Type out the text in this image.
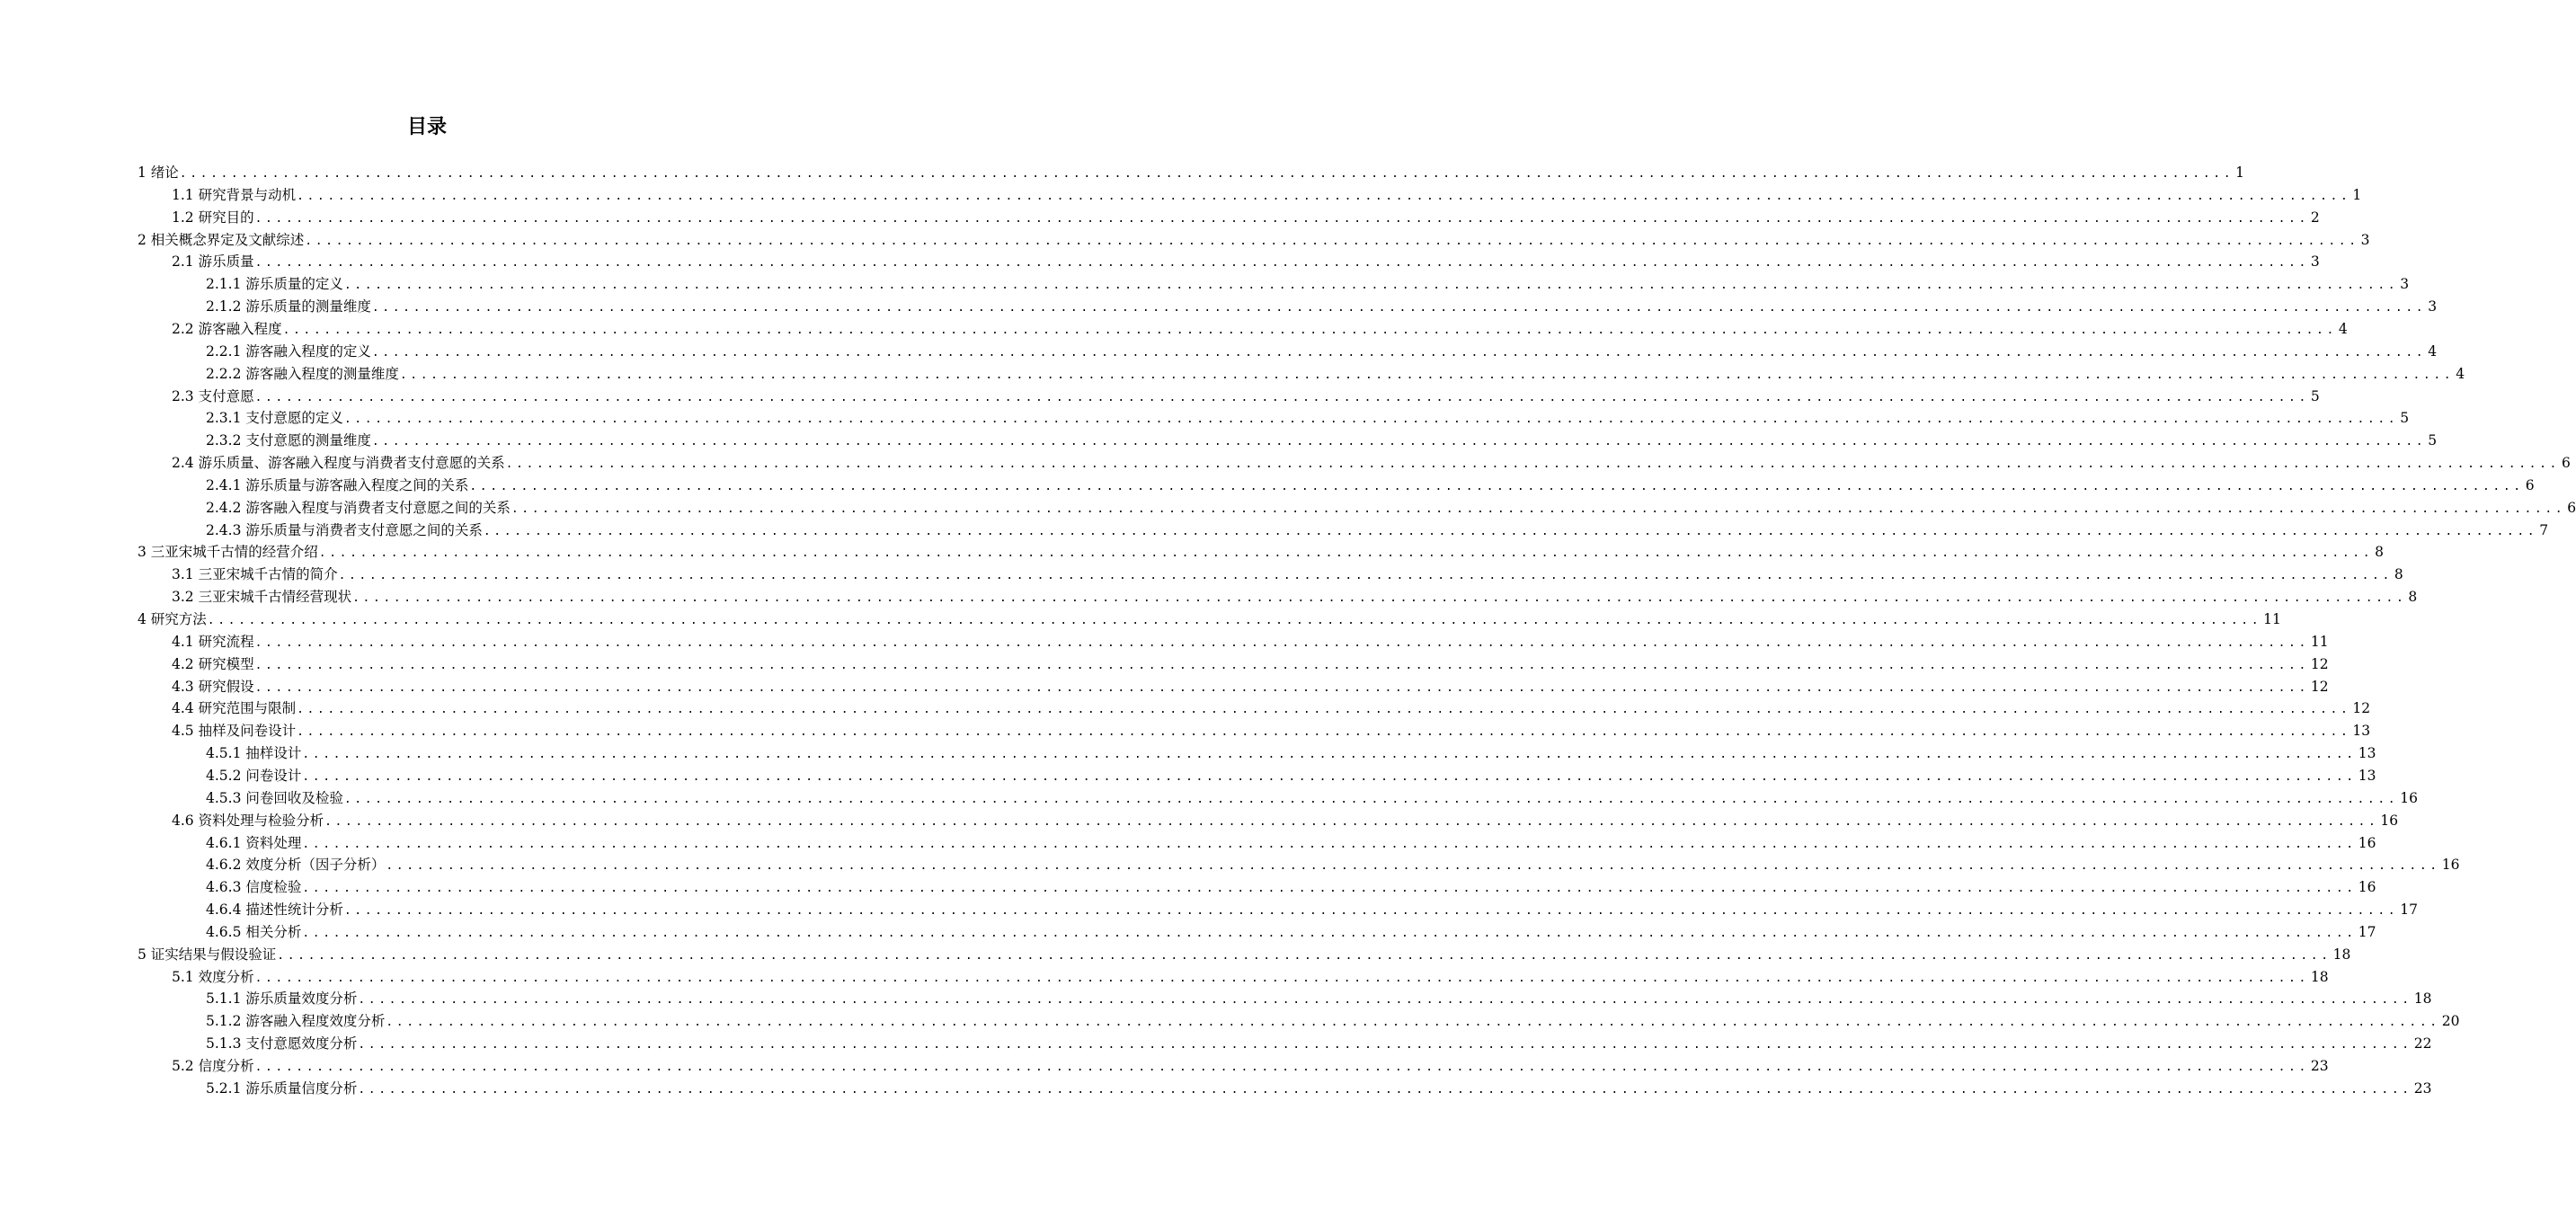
目录
1 绪论 ........................................................................................................................................................................................................ 1
1.1 研究背景与动机 ........................................................................................................................................................................................................ 1
1.2 研究目的 ........................................................................................................................................................................................................ 2
2 相关概念界定及文献综述 ........................................................................................................................................................................................................ 3
2.1 游乐质量 ........................................................................................................................................................................................................ 3
2.1.1 游乐质量的定义 ........................................................................................................................................................................................................ 3
2.1.2 游乐质量的测量维度 ........................................................................................................................................................................................................ 3
2.2 游客融入程度 ........................................................................................................................................................................................................ 4
2.2.1 游客融入程度的定义 ........................................................................................................................................................................................................ 4
2.2.2 游客融入程度的测量维度 ........................................................................................................................................................................................................ 4
2.3 支付意愿 ........................................................................................................................................................................................................ 5
2.3.1 支付意愿的定义 ........................................................................................................................................................................................................ 5
2.3.2 支付意愿的测量维度 ........................................................................................................................................................................................................ 5
2.4 游乐质量、游客融入程度与消费者支付意愿的关系 ........................................................................................................................................................................................................ 6
2.4.1 游乐质量与游客融入程度之间的关系 ........................................................................................................................................................................................................ 6
2.4.2 游客融入程度与消费者支付意愿之间的关系 ........................................................................................................................................................................................................ 6
2.4.3 游乐质量与消费者支付意愿之间的关系 ........................................................................................................................................................................................................ 7
3 三亚宋城千古情的经营介绍 ........................................................................................................................................................................................................ 8
3.1 三亚宋城千古情的简介 ........................................................................................................................................................................................................ 8
3.2 三亚宋城千古情经营现状 ........................................................................................................................................................................................................ 8
4 研究方法 ........................................................................................................................................................................................................ 11
4.1 研究流程 ........................................................................................................................................................................................................ 11
4.2 研究模型 ........................................................................................................................................................................................................ 12
4.3 研究假设 ........................................................................................................................................................................................................ 12
4.4 研究范围与限制 ........................................................................................................................................................................................................ 12
4.5 抽样及问卷设计 ........................................................................................................................................................................................................ 13
4.5.1 抽样设计 ........................................................................................................................................................................................................ 13
4.5.2 问卷设计 ........................................................................................................................................................................................................ 13
4.5.3 问卷回收及检验 ........................................................................................................................................................................................................ 16
4.6 资料处理与检验分析 ........................................................................................................................................................................................................ 16
4.6.1 资料处理 ........................................................................................................................................................................................................ 16
4.6.2 效度分析（因子分析） ........................................................................................................................................................................................................ 16
4.6.3 信度检验 ........................................................................................................................................................................................................ 16
4.6.4 描述性统计分析 ........................................................................................................................................................................................................ 17
4.6.5 相关分析 ........................................................................................................................................................................................................ 17
5 证实结果与假设验证 ........................................................................................................................................................................................................ 18
5.1 效度分析 ........................................................................................................................................................................................................ 18
5.1.1 游乐质量效度分析 ........................................................................................................................................................................................................ 18
5.1.2 游客融入程度效度分析 ........................................................................................................................................................................................................ 20
5.1.3 支付意愿效度分析 ........................................................................................................................................................................................................ 22
5.2 信度分析 ........................................................................................................................................................................................................ 23
5.2.1 游乐质量信度分析 ........................................................................................................................................................................................................ 23
